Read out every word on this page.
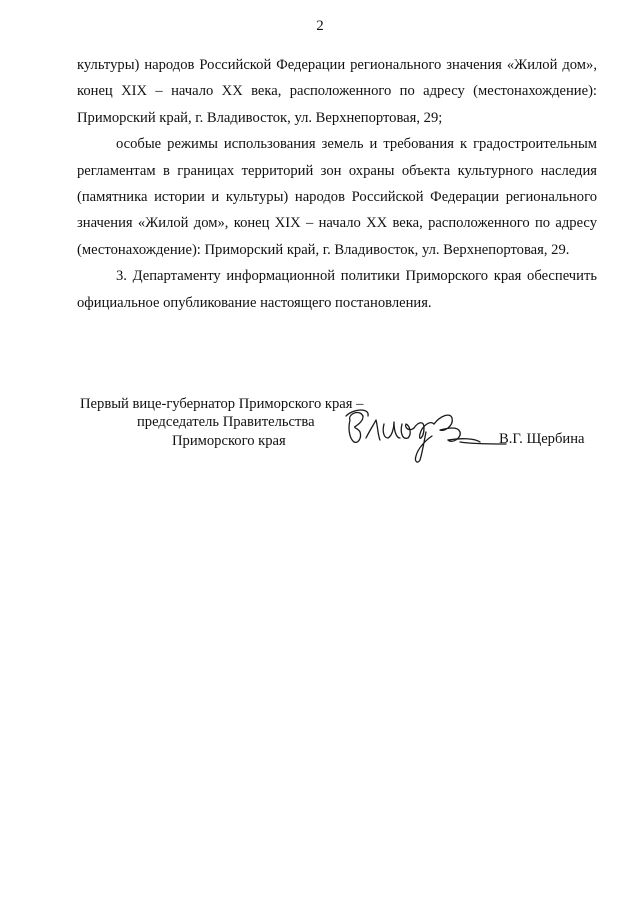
2

культуры) народов Российской Федерации регионального значения «Жилой дом», конец XIX – начало XX века, расположенного по адресу (местонахождение): Приморский край, г. Владивосток, ул. Верхнепортовая, 29;

особые режимы использования земель и требования к градостроительным регламентам в границах территорий зон охраны объекта культурного наследия (памятника истории и культуры) народов Российской Федерации регионального значения «Жилой дом», конец XIX – начало XX века, расположенного по адресу (местонахождение): Приморский край, г. Владивосток, ул. Верхнепортовая, 29.

3. Департаменту информационной политики Приморского края обеспечить официальное опубликование настоящего постановления.

Первый вице-губернатор Приморского края –
председатель Правительства
Приморского края	В.Г. Щербина
